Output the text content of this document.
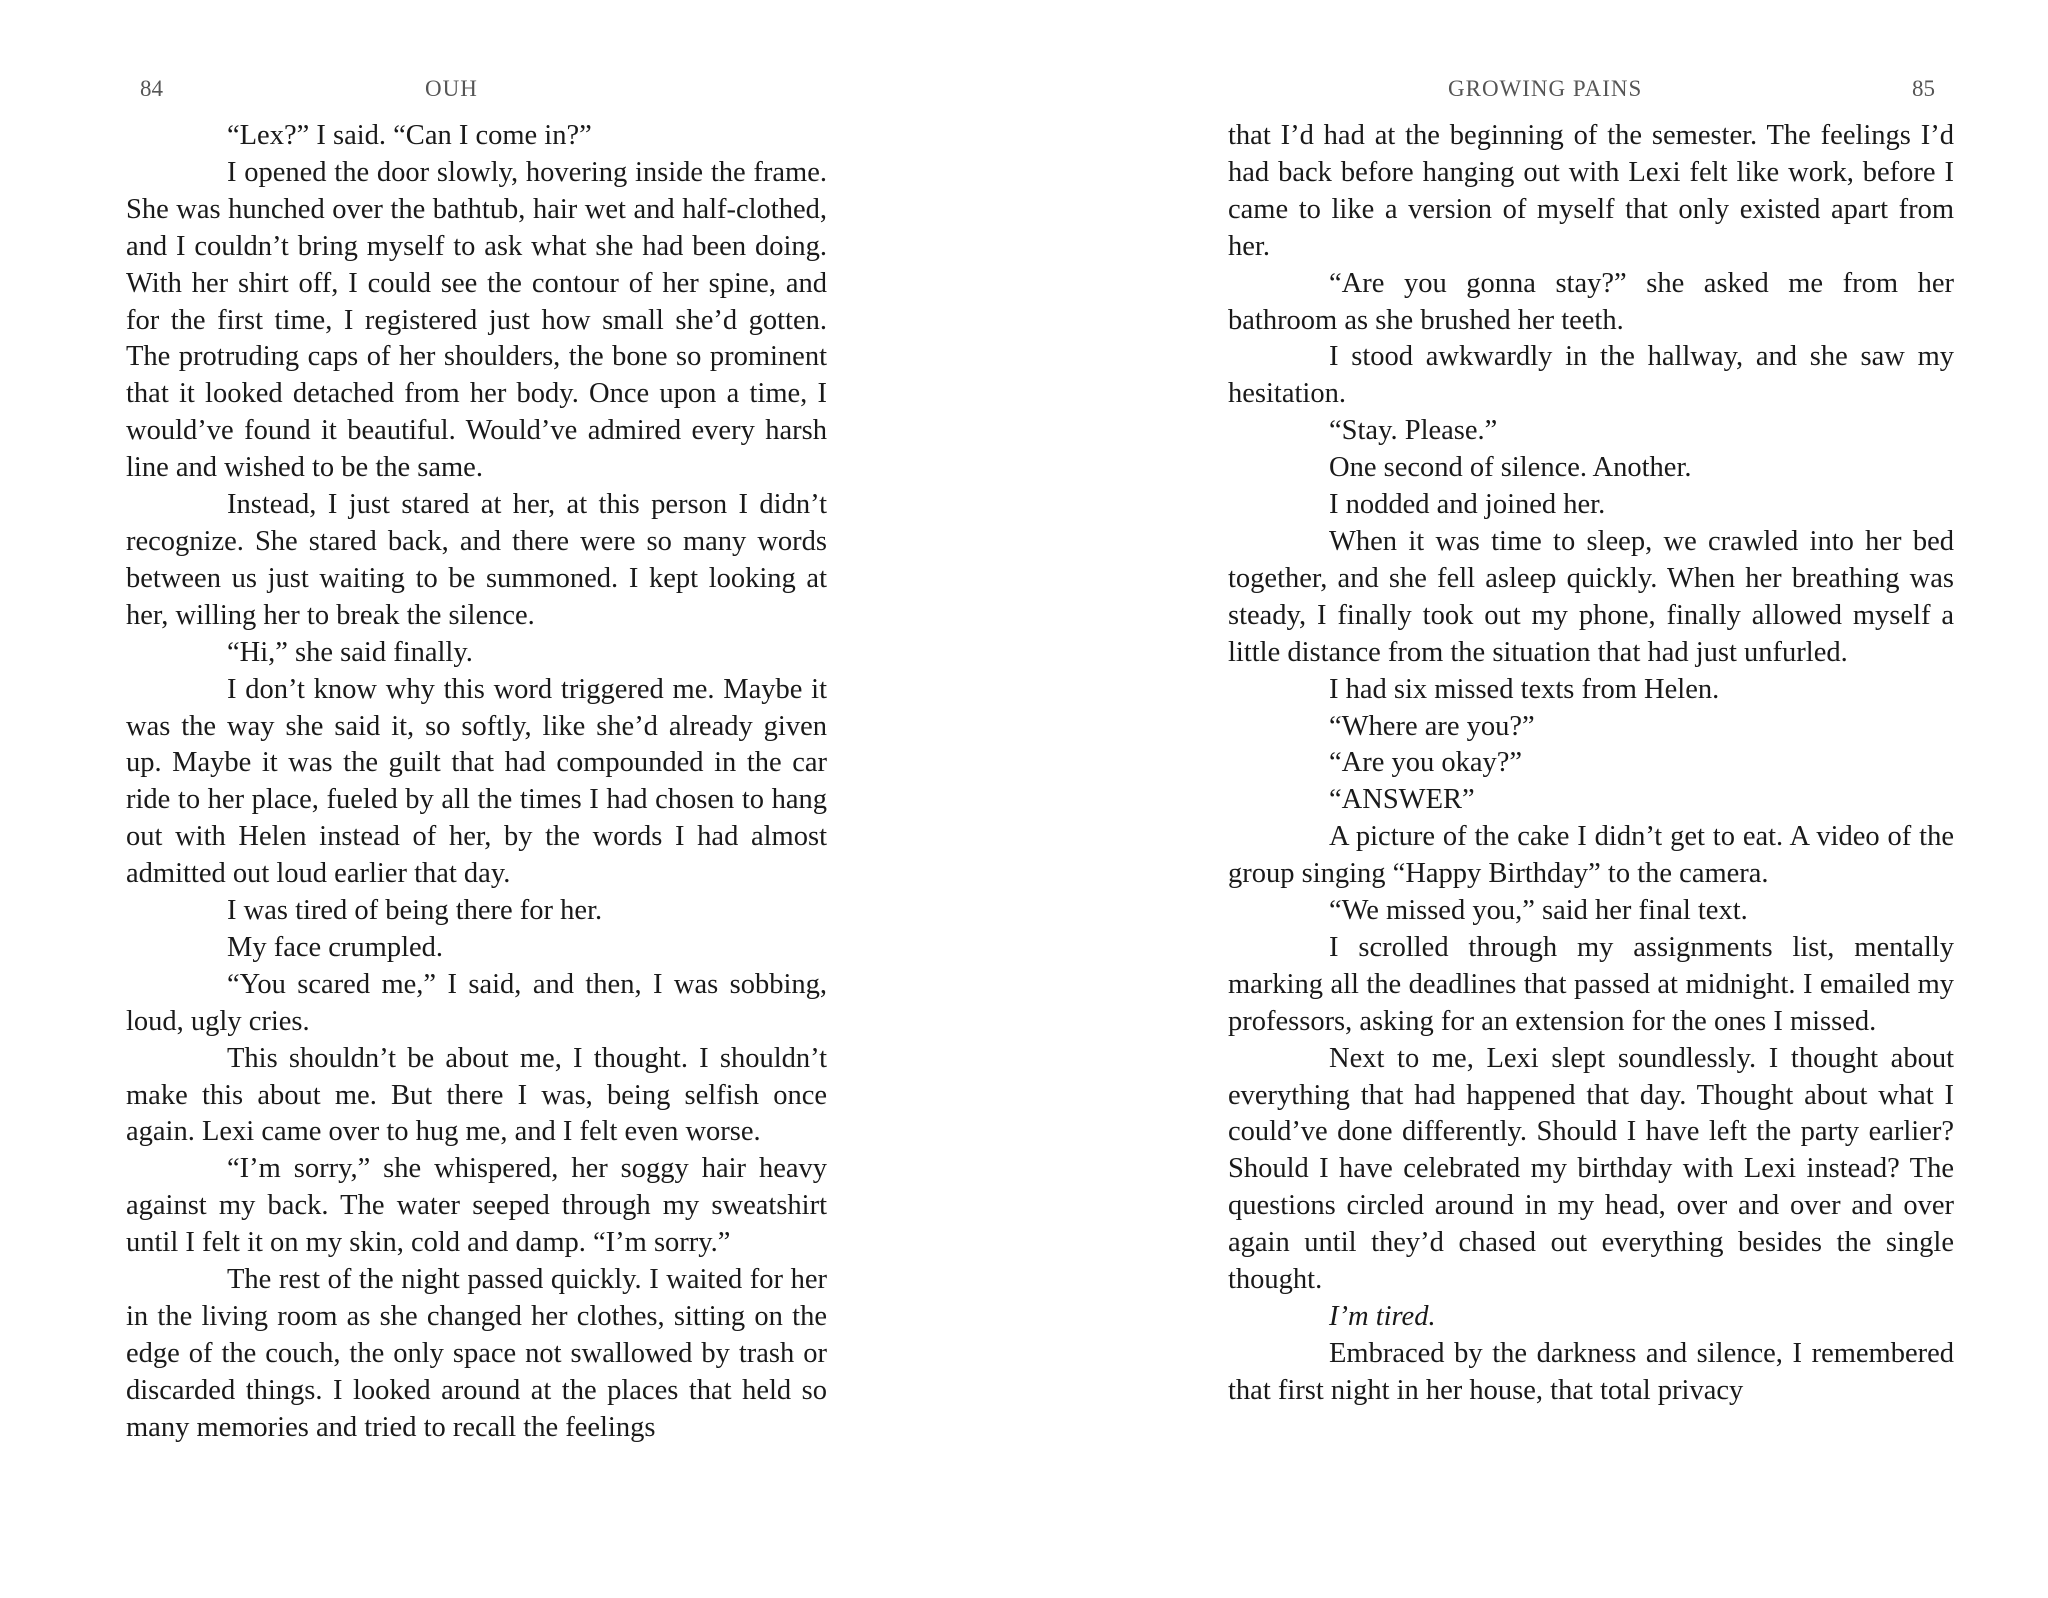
84	OUH

“Lex?” I said. “Can I come in?”

I opened the door slowly, hovering inside the frame. She was hunched over the bathtub, hair wet and half-clothed, and I couldn’t bring myself to ask what she had been doing. With her shirt off, I could see the contour of her spine, and for the first time, I registered just how small she’d gotten. The protruding caps of her shoulders, the bone so prominent that it looked detached from her body. Once upon a time, I would’ve found it beautiful. Would’ve admired every harsh line and wished to be the same.

Instead, I just stared at her, at this person I didn’t recognize. She stared back, and there were so many words between us just waiting to be summoned. I kept looking at her, willing her to break the silence.

“Hi,” she said finally.

I don’t know why this word triggered me. Maybe it was the way she said it, so softly, like she’d already given up. Maybe it was the guilt that had compounded in the car ride to her place, fueled by all the times I had chosen to hang out with Helen instead of her, by the words I had almost admitted out loud earlier that day.

I was tired of being there for her.

My face crumpled.

“You scared me,” I said, and then, I was sobbing, loud, ugly cries.

This shouldn’t be about me, I thought. I shouldn’t make this about me. But there I was, being selfish once again. Lexi came over to hug me, and I felt even worse.

“I’m sorry,” she whispered, her soggy hair heavy against my back. The water seeped through my sweatshirt until I felt it on my skin, cold and damp. “I’m sorry.”

The rest of the night passed quickly. I waited for her in the living room as she changed her clothes, sitting on the edge of the couch, the only space not swallowed by trash or discarded things. I looked around at the places that held so many memories and tried to recall the feelings

GROWING PAINS	85

that I’d had at the beginning of the semester. The feelings I’d had back before hanging out with Lexi felt like work, before I came to like a version of myself that only existed apart from her.

“Are you gonna stay?” she asked me from her bathroom as she brushed her teeth.

I stood awkwardly in the hallway, and she saw my hesitation.

“Stay. Please.”

One second of silence. Another.

I nodded and joined her.

When it was time to sleep, we crawled into her bed together, and she fell asleep quickly. When her breathing was steady, I finally took out my phone, finally allowed myself a little distance from the situation that had just unfurled.

I had six missed texts from Helen.

“Where are you?”

“Are you okay?”

“ANSWER”

A picture of the cake I didn’t get to eat. A video of the group singing “Happy Birthday” to the camera.

“We missed you,” said her final text.

I scrolled through my assignments list, mentally marking all the deadlines that passed at midnight. I emailed my professors, asking for an extension for the ones I missed.

Next to me, Lexi slept soundlessly. I thought about everything that had happened that day. Thought about what I could’ve done differently. Should I have left the party earlier? Should I have celebrated my birthday with Lexi instead? The questions circled around in my head, over and over and over again until they’d chased out everything besides the single thought.

I’m tired.

Embraced by the darkness and silence, I remembered that first night in her house, that total privacy
